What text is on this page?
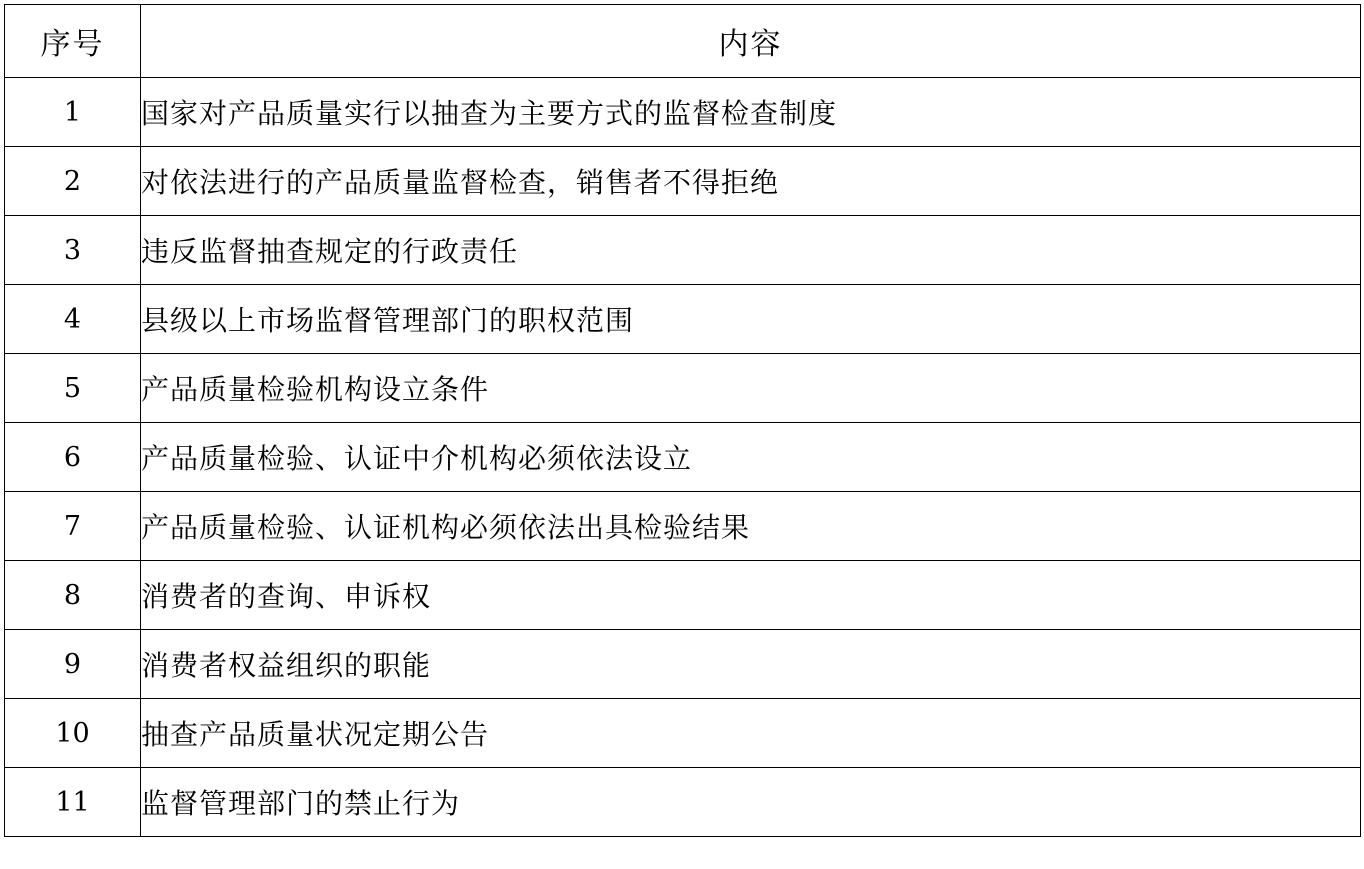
序号	内容
1	国家对产品质量实行以抽查为主要方式的监督检查制度
2	对依法进行的产品质量监督检查，销售者不得拒绝
3	违反监督抽查规定的行政责任
4	县级以上市场监督管理部门的职权范围
5	产品质量检验机构设立条件
6	产品质量检验、认证中介机构必须依法设立
7	产品质量检验、认证机构必须依法出具检验结果
8	消费者的查询、申诉权
9	消费者权益组织的职能
10	抽查产品质量状况定期公告
11	监督管理部门的禁止行为
